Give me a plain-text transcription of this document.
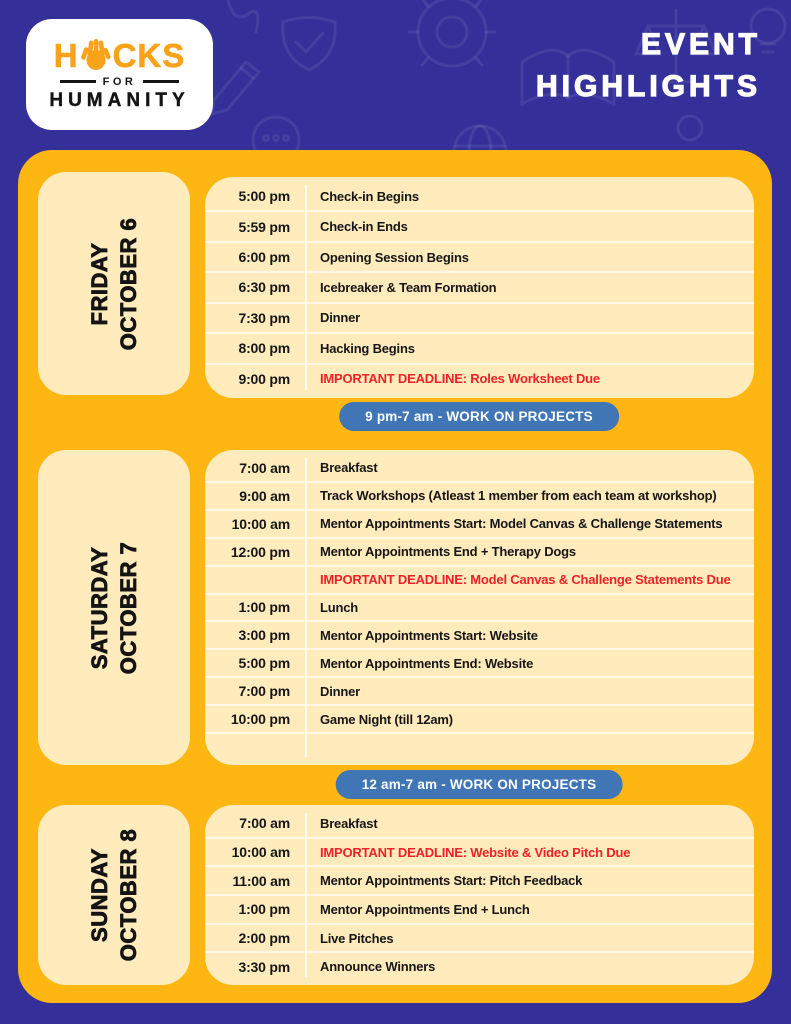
H CKS
FOR
HUMANITY
EVENT
HIGHLIGHTS
FRIDAY OCTOBER 6
5:00 pm	Check-in Begins
5:59 pm	Check-in Ends
6:00 pm	Opening Session Begins
6:30 pm	Icebreaker & Team Formation
7:30 pm	Dinner
8:00 pm	Hacking Begins
9:00 pm	IMPORTANT DEADLINE: Roles Worksheet Due
9 pm-7 am - WORK ON PROJECTS
SATURDAY OCTOBER 7
7:00 am	Breakfast
9:00 am	Track Workshops (Atleast 1 member from each team at workshop)
10:00 am	Mentor Appointments Start: Model Canvas & Challenge Statements
12:00 pm	Mentor Appointments End + Therapy Dogs
IMPORTANT DEADLINE: Model Canvas & Challenge Statements Due
1:00 pm	Lunch
3:00 pm	Mentor Appointments Start: Website
5:00 pm	Mentor Appointments End: Website
7:00 pm	Dinner
10:00 pm	Game Night (till 12am)
12 am-7 am - WORK ON PROJECTS
SUNDAY OCTOBER 8
7:00 am	Breakfast
10:00 am	IMPORTANT DEADLINE: Website & Video Pitch Due
11:00 am	Mentor Appointments Start: Pitch Feedback
1:00 pm	Mentor Appointments End + Lunch
2:00 pm	Live Pitches
3:30 pm	Announce Winners
